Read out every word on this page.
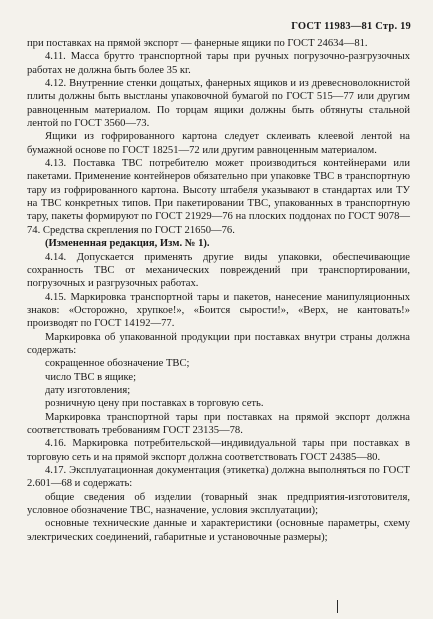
ГОСТ 11983—81 Стр. 19

при поставках на прямой экспорт — фанерные ящики по ГОСТ 24634—81.

4.11. Масса брутто транспортной тары при ручных погрузочно-разгрузочных работах не должна быть более 35 кг.

4.12. Внутренние стенки дощатых, фанерных ящиков и из древесноволокнистой плиты должны быть выстланы упаковочной бумагой по ГОСТ 515—77 или другим равноценным материалом. По торцам ящики должны быть обтянуты стальной лентой по ГОСТ 3560—73.

Ящики из гофрированного картона следует склеивать клеевой лентой на бумажной основе по ГОСТ 18251—72 или другим равноценным материалом.

4.13. Поставка ТВС потребителю может производиться контейнерами или пакетами. Применение контейнеров обязательно при упаковке ТВС в транспортную тару из гофрированного картона. Высоту штабеля указывают в стандартах или ТУ на ТВС конкретных типов. При пакетировании ТВС, упакованных в транспортную тару, пакеты формируют по ГОСТ 21929—76 на плоских поддонах по ГОСТ 9078—74. Средства скрепления по ГОСТ 21650—76.

(Измененная редакция, Изм. № 1).

4.14. Допускается применять другие виды упаковки, обеспечивающие сохранность ТВС от механических повреждений при транспортировании, погрузочных и разгрузочных работах.

4.15. Маркировка транспортной тары и пакетов, нанесение манипуляционных знаков: «Осторожно, хрупкое!», «Боится сырости!», «Верх, не кантовать!» производят по ГОСТ 14192—77.

Маркировка об упакованной продукции при поставках внутри страны должна содержать:

сокращенное обозначение ТВС;

число ТВС в ящике;

дату изготовления;

розничную цену при поставках в торговую сеть.

Маркировка транспортной тары при поставках на прямой экспорт должна соответствовать требованиям ГОСТ 23135—78.

4.16. Маркировка потребительской—индивидуальной тары при поставках в торговую сеть и на прямой экспорт должна соответствовать ГОСТ 24385—80.

4.17. Эксплуатационная документация (этикетка) должна выполняться по ГОСТ 2.601—68 и содержать:

общие сведения об изделии (товарный знак предприятия-изготовителя, условное обозначение ТВС, назначение, условия эксплуатации);

основные технические данные и характеристики (основные параметры, схему электрических соединений, габаритные и установочные размеры);
